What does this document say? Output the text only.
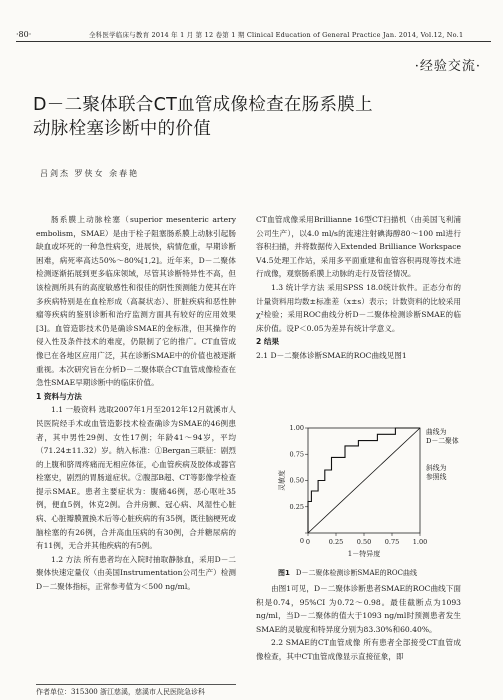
·80·	全科医学临床与教育 2014 年 1 月 第 12 卷第 1 期 Clinical Education of General Practice Jan. 2014, Vol.12, No.1
·经验交流·
D－二聚体联合CT血管成像检查在肠系膜上
动脉栓塞诊断中的价值
吕剑杰 罗侠女 余春艳

肠系膜上动脉栓塞（superior mesenteric artery embolism，SMAE）是由于栓子阻塞肠系膜上动脉引起肠缺血或坏死的一种急性病变，进展快，病情危重，早期诊断困难，病死率高达50%～80%[1,2]。近年来，D－二聚体检测逐渐拓展到更多临床领域，尽管其诊断特异性不高，但该检测所具有的高度敏感性和很佳的阴性预测能力使其在许多疾病特别是在血栓形成（高凝状态）、肝脏疾病和恶性肿瘤等疾病的鉴别诊断和治疗监测方面具有较好的应用效果[3]。血管造影技术仍是确诊SMAE的金标准，但其操作的侵入性及条件技术的难度，仍限制了它的推广。CT血管成像已在各地区应用广泛，其在诊断SMAE中的价值也被逐渐重视。本次研究旨在分析D－二聚体联合CT血管成像检查在急性SMAE早期诊断中的临床价值。

1 资料与方法

1.1 一般资料 选取2007年1月至2012年12月就溪市人民医院经手术或血管造影技术检查确诊为SMAE的46例患者，其中男性29例、女性17例；年龄41～94岁，平均（71.24±11.32）岁。纳入标准：①Bergan三联征：剧烈的上腹和脐周疼痛而无相应体征，心血管疾病及胶体或器官栓塞史，剧烈的胃肠道症状。②腹部B超、CT等影像学检查提示SMAE。患者主要症状为：腹痛46例，恶心呕吐35例，便血5例，休克2例。合并房颤、冠心病、风湿性心脏病、心脏瓣膜置换术后等心脏疾病的有35例，既往脑梗死或脑栓塞的有26例，合并高血压病的有30例，合并糖尿病的有11例，无合并其他疾病的有5例。

1.2 方法 所有患者均在入院时抽取静脉血，采用D－二聚体快速定量仪（由美国Instrumentation公司生产）检测D－二聚体指标，正常参考值为＜500 ng/ml。

作者单位：315300 浙江慈溪，慈溪市人民医院急诊科

CT血管成像采用Brillianne 16型CT扫描机（由美国飞利浦公司生产），以4.0 ml/s的流速注射碘海醇80～100 ml进行容积扫描，并将数据传入Extended Brilliance Workspace V4.5处理工作站，采用多平面重建和血管容积再现等技术进行成像，观察肠系膜上动脉的走行及管径情况。

1.3 统计学方法 采用SPSS 18.0统计软件。正态分布的计量资料用均数±标准差（x±s）表示；计数资料的比较采用χ²检验；采用ROC曲线分析D－二聚体检测诊断SMAE的临床价值。设P＜0.05为差异有统计学意义。

2 结果

2.1 D－二聚体诊断SMAE的ROC曲线见图1

0	0.25 0.50 0.75 1.00
0.25
0.50
0.75
1.00
0
1－特异度
灵敏度
曲线为
D－二聚体
斜线为
参照线
图1 D－二聚体检测诊断SMAE的ROC曲线

由图1可见，D－二聚体诊断患者SMAE的ROC曲线下面积是0.74，95%CI 为0.72～0.98。最佳截断点为1093 ng/ml，当D－二聚体的值大于1093 ng/ml时预测患者发生SMAE的灵敏度和特异度分别为83.30%和60.40%。

2.2 SMAE的CT血管成像 所有患者全部接受CT血管成像检查，其中CT血管成像显示直接征象，即
